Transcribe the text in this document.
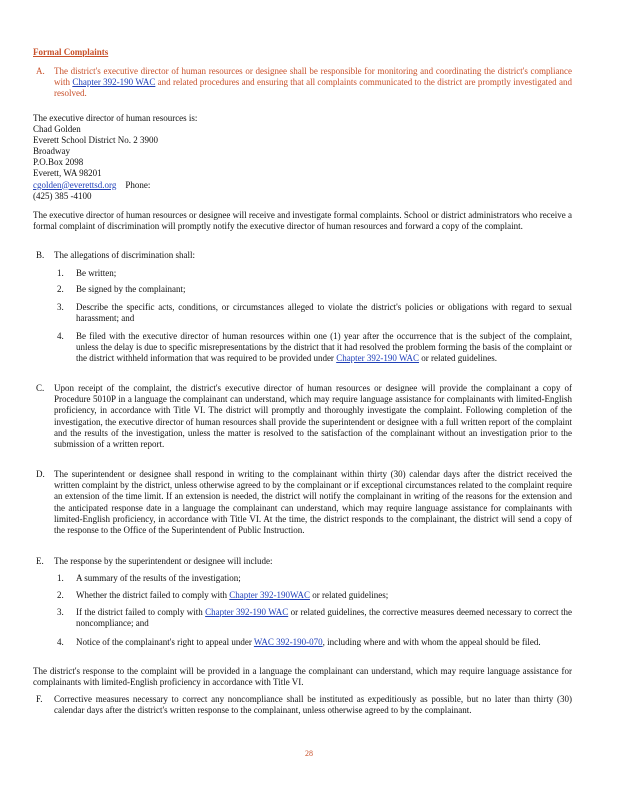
Formal Complaints
A.	The district's executive director of human resources or designee shall be responsible for monitoring and coordinating the district's compliance with Chapter 392-190 WAC and related procedures and ensuring that all complaints communicated to the district are promptly investigated and resolved.
The executive director of human resources is:
Chad Golden
Everett School District No. 2 3900
Broadway
P.O.Box 2098
Everett, WA 98201
cgolden@everettsd.org Phone:
(425) 385 -4100
The executive director of human resources or designee will receive and investigate formal complaints. School or district administrators who receive a formal complaint of discrimination will promptly notify the executive director of human resources and forward a copy of the complaint.
B.	The allegations of discrimination shall:
1.	Be written;
2.	Be signed by the complainant;
3.	Describe the specific acts, conditions, or circumstances alleged to violate the district's policies or obligations with regard to sexual harassment; and
4.	Be filed with the executive director of human resources within one (1) year after the occurrence that is the subject of the complaint, unless the delay is due to specific misrepresentations by the district that it had resolved the problem forming the basis of the complaint or the district withheld information that was required to be provided under Chapter 392-190 WAC or related guidelines.
C.	Upon receipt of the complaint, the district's executive director of human resources or designee will provide the complainant a copy of Procedure 5010P in a language the complainant can understand, which may require language assistance for complainants with limited-English proficiency, in accordance with Title VI. The district will promptly and thoroughly investigate the complaint. Following completion of the investigation, the executive director of human resources shall provide the superintendent or designee with a full written report of the complaint and the results of the investigation, unless the matter is resolved to the satisfaction of the complainant without an investigation prior to the submission of a written report.
D.	The superintendent or designee shall respond in writing to the complainant within thirty (30) calendar days after the district received the written complaint by the district, unless otherwise agreed to by the complainant or if exceptional circumstances related to the complaint require an extension of the time limit. If an extension is needed, the district will notify the complainant in writing of the reasons for the extension and the anticipated response date in a language the complainant can understand, which may require language assistance for complainants with limited-English proficiency, in accordance with Title VI. At the time, the district responds to the complainant, the district will send a copy of the response to the Office of the Superintendent of Public Instruction.
E.	The response by the superintendent or designee will include:
1.	A summary of the results of the investigation;
2.	Whether the district failed to comply with Chapter 392-190WAC or related guidelines;
3.	If the district failed to comply with Chapter 392-190 WAC or related guidelines, the corrective measures deemed necessary to correct the noncompliance; and
4.	Notice of the complainant's right to appeal under WAC 392-190-070, including where and with whom the appeal should be filed.
The district's response to the complaint will be provided in a language the complainant can understand, which may require language assistance for complainants with limited-English proficiency in accordance with Title VI.
F.	Corrective measures necessary to correct any noncompliance shall be instituted as expeditiously as possible, but no later than thirty (30) calendar days after the district's written response to the complainant, unless otherwise agreed to by the complainant.
28
